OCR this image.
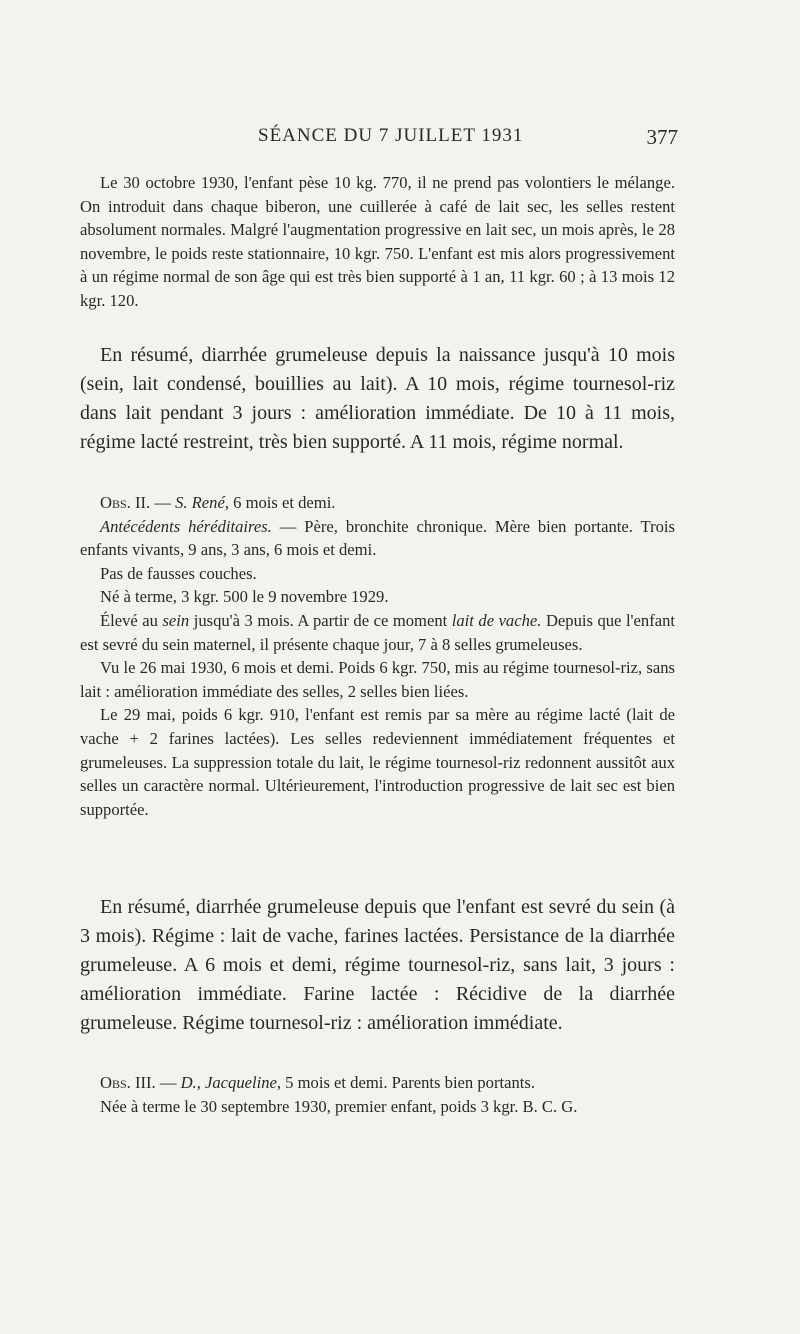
SÉANCE DU 7 JUILLET 1931	377

Le 30 octobre 1930, l'enfant pèse 10 kg. 770, il ne prend pas volontiers le mélange. On introduit dans chaque biberon, une cuillerée à café de lait sec, les selles restent absolument normales. Malgré l'augmentation progressive en lait sec, un mois après, le 28 novembre, le poids reste stationnaire, 10 kgr. 750. L'enfant est mis alors progressivement à un régime normal de son âge qui est très bien supporté à 1 an, 11 kgr. 60 ; à 13 mois 12 kgr. 120.

En résumé, diarrhée grumeleuse depuis la naissance jusqu'à 10 mois (sein, lait condensé, bouillies au lait). A 10 mois, régime tournesol-riz dans lait pendant 3 jours : amélioration immédiate. De 10 à 11 mois, régime lacté restreint, très bien supporté. A 11 mois, régime normal.

Obs. II. — S. René, 6 mois et demi.

Antécédents héréditaires. — Père, bronchite chronique. Mère bien portante. Trois enfants vivants, 9 ans, 3 ans, 6 mois et demi.

Pas de fausses couches.

Né à terme, 3 kgr. 500 le 9 novembre 1929.

Élevé au sein jusqu'à 3 mois. A partir de ce moment lait de vache. Depuis que l'enfant est sevré du sein maternel, il présente chaque jour, 7 à 8 selles grumeleuses.

Vu le 26 mai 1930, 6 mois et demi. Poids 6 kgr. 750, mis au régime tournesol-riz, sans lait : amélioration immédiate des selles, 2 selles bien liées.

Le 29 mai, poids 6 kgr. 910, l'enfant est remis par sa mère au régime lacté (lait de vache + 2 farines lactées). Les selles redeviennent immédiatement fréquentes et grumeleuses. La suppression totale du lait, le régime tournesol-riz redonnent aussitôt aux selles un caractère normal. Ultérieurement, l'introduction progressive de lait sec est bien supportée.

En résumé, diarrhée grumeleuse depuis que l'enfant est sevré du sein (à 3 mois). Régime : lait de vache, farines lactées. Persistance de la diarrhée grumeleuse. A 6 mois et demi, régime tournesol-riz, sans lait, 3 jours : amélioration immédiate. Farine lactée : Récidive de la diarrhée grumeleuse. Régime tournesol-riz : amélioration immédiate.

Obs. III. — D., Jacqueline, 5 mois et demi. Parents bien portants.

Née à terme le 30 septembre 1930, premier enfant, poids 3 kgr. B. C. G.
